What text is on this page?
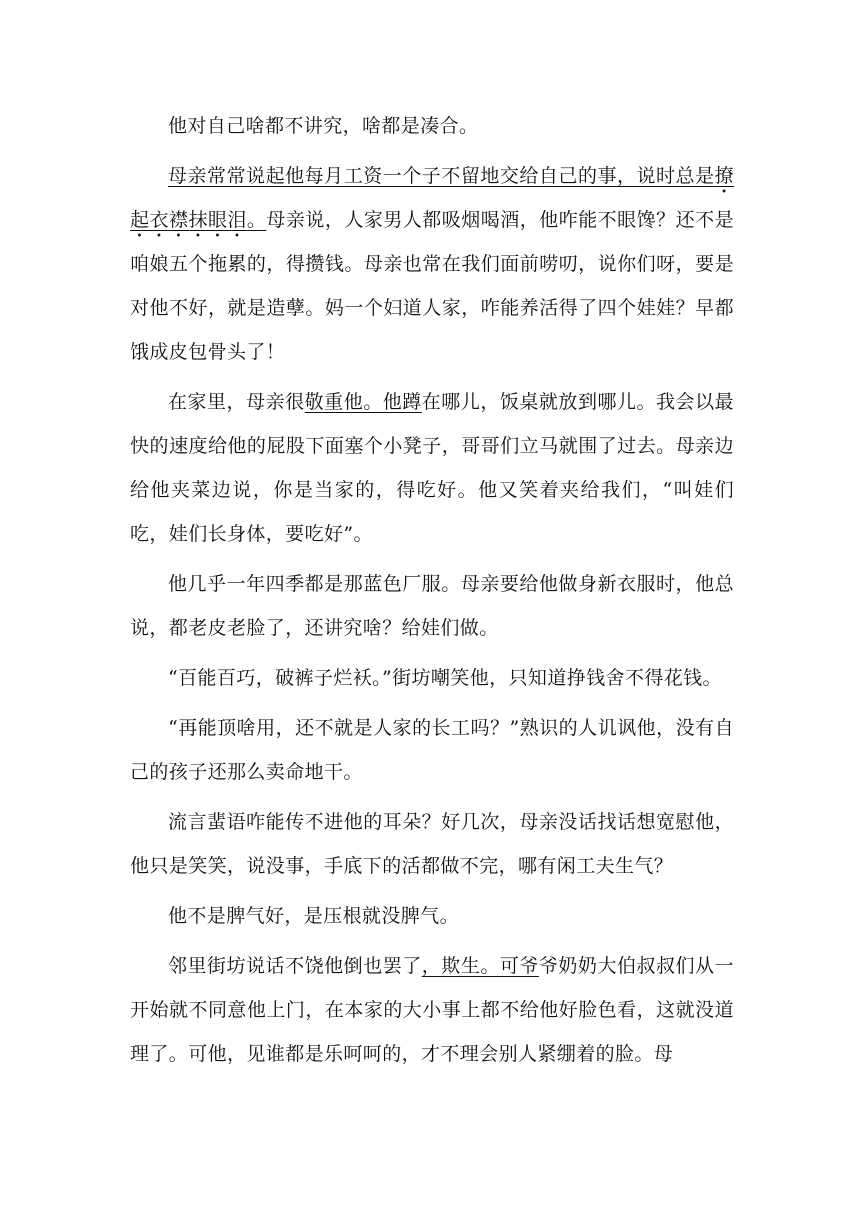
他对自己啥都不讲究，啥都是凑合。

母亲常常说起他每月工资一个子不留地交给自己的事，说时总是撩起衣襟抹眼泪。母亲说，人家男人都吸烟喝酒，他咋能不眼馋？还不是咱娘五个拖累的，得攒钱。母亲也常在我们面前唠叨，说你们呀，要是对他不好，就是造孽。妈一个妇道人家，咋能养活得了四个娃娃？早都饿成皮包骨头了！

在家里，母亲很敬重他。他蹲在哪儿，饭桌就放到哪儿。我会以最快的速度给他的屁股下面塞个小凳子，哥哥们立马就围了过去。母亲边给他夹菜边说，你是当家的，得吃好。他又笑着夹给我们，“叫娃们吃，娃们长身体，要吃好”。

他几乎一年四季都是那蓝色厂服。母亲要给他做身新衣服时，他总说，都老皮老脸了，还讲究啥？给娃们做。

“百能百巧，破裤子烂袄。”街坊嘲笑他，只知道挣钱舍不得花钱。

“再能顶啥用，还不就是人家的长工吗？”熟识的人讥讽他，没有自己的孩子还那么卖命地干。

流言蜚语咋能传不进他的耳朵？好几次，母亲没话找话想宽慰他，他只是笑笑，说没事，手底下的活都做不完，哪有闲工夫生气？

他不是脾气好，是压根就没脾气。

邻里街坊说话不饶他倒也罢了，欺生。可爷爷奶奶大伯叔叔们从一开始就不同意他上门，在本家的大小事上都不给他好脸色看，这就没道理了。可他，见谁都是乐呵呵的，才不理会别人紧绷着的脸。母
